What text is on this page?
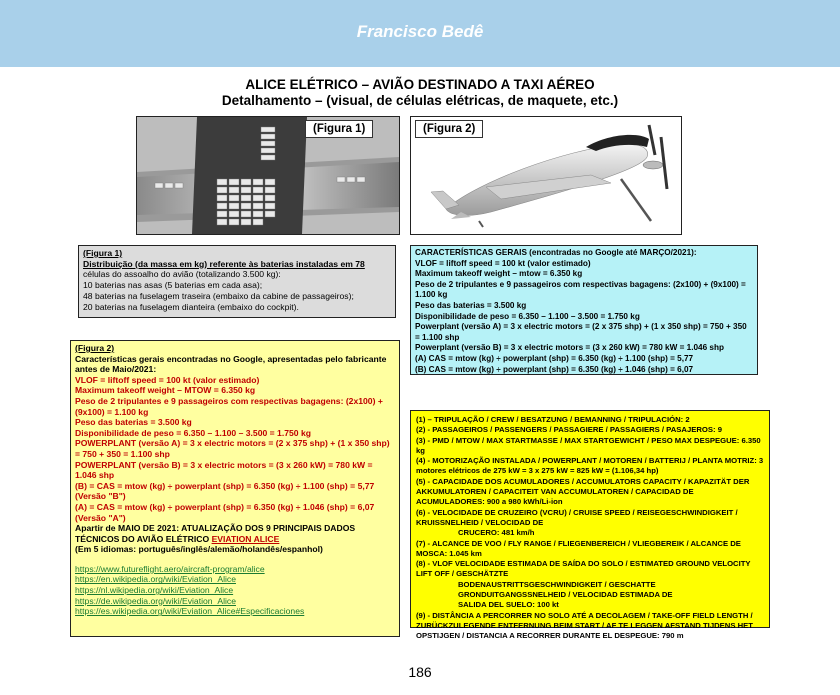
Francisco Bedê
ALICE ELÉTRICO – AVIÃO DESTINADO A TAXI AÉREO
Detalhamento – (visual, de células elétricas, de maquete, etc.)
(Figura 1)	(Figura 2)
(Figura 1)
Distribuição (da massa em kg) referente às baterias instaladas em 78
células do assoalho do avião (totalizando 3.500 kg):
10 baterias nas asas (5 baterias em cada asa);
48 baterias na fuselagem traseira (embaixo da cabine de passageiros);
20 baterias na fuselagem dianteira (embaixo do cockpit).
CARACTERÍSTICAS GERAIS (encontradas no Google até MARÇO/2021):
VLOF = liftoff speed = 100 kt (valor estimado)
Maximum takeoff weight – mtow = 6.350 kg
Peso de 2 tripulantes e 9 passageiros com respectivas bagagens: (2x100) + (9x100) = 1.100 kg
Peso das baterias = 3.500 kg
Disponibilidade de peso = 6.350 – 1.100 – 3.500 = 1.750 kg
Powerplant (versão A) = 3 x electric motors = (2 x 375 shp) + (1 x 350 shp) = 750 + 350 = 1.100 shp
Powerplant (versão B) = 3 x electric motors = (3 x 260 kW) = 780 kW = 1.046 shp
(A) CAS = mtow (kg) ÷ powerplant (shp) = 6.350 (kg) ÷ 1.100 (shp) = 5,77
(B) CAS = mtow (kg) ÷ powerplant (shp) = 6.350 (kg) ÷ 1.046 (shp) = 6,07
(Figura 2)
Características gerais encontradas no Google, apresentadas pelo fabricante antes de Maio/2021:
VLOF = liftoff speed = 100 kt (valor estimado)
Maximum takeoff weight – MTOW = 6.350 kg
Peso de 2 tripulantes e 9 passageiros com respectivas bagagens: (2x100) + (9x100) = 1.100 kg
Peso das baterias = 3.500 kg
Disponibilidade de peso = 6.350 – 1.100 – 3.500 = 1.750 kg
POWERPLANT (versão A) = 3 x electric motors = (2 x 375 shp) + (1 x 350 shp) = 750 + 350 = 1.100 shp
POWERPLANT (versão B) = 3 x electric motors = (3 x 260 kW) = 780 kW = 1.046 shp
(B) = CAS = mtow (kg) ÷ powerplant (shp) = 6.350 (kg) ÷ 1.100 (shp) = 5,77 (Versão "B")
(A) = CAS = mtow (kg) ÷ powerplant (shp) = 6.350 (kg) ÷ 1.046 (shp) = 6,07 (Versão "A")
Apartir de MAIO DE 2021: ATUALIZAÇÃO DOS 9 PRINCIPAIS DADOS TÉCNICOS DO AVIÃO ELÉTRICO EVIATION ALICE
(Em 5 idiomas: português/inglês/alemão/holandês/espanhol)
https://www.futureflight.aero/aircraft-program/alice
https://en.wikipedia.org/wiki/Eviation_Alice
https://nl.wikipedia.org/wiki/Eviation_Alice
https://de.wikipedia.org/wiki/Eviation_Alice
https://es.wikipedia.org/wiki/Eviation_Alice#Especificaciones
(1) – TRIPULAÇÃO / CREW / BESATZUNG / BEMANNING / TRIPULACIÓN: 2
(2) - PASSAGEIROS / PASSENGERS / PASSAGIERE / PASSAGIERS / PASAJEROS: 9
(3) - PMD / MTOW / MAX STARTMASSE / MAX STARTGEWICHT / PESO MAX DESPEGUE: 6.350 kg
(4) - MOTORIZAÇÃO INSTALADA / POWERPLANT / MOTOREN / BATTERIJ / PLANTA MOTRIZ: 3 motores elétricos de 275 kW = 3 x 275 kW = 825 kW = (1.106,34 hp)
(5) - CAPACIDADE DOS ACUMULADORES / ACCUMULATORS CAPACITY / KAPAZITÄT DER AKKUMULATOREN / CAPACITEIT VAN ACCUMULATOREN / CAPACIDAD DE ACUMULADORES: 900 a 980 kWh/Li-ion
(6) - VELOCIDADE DE CRUZEIRO (VCRU) / CRUISE SPEED / REISEGESCHWINDIGKEIT / KRUISSNELHEID / VELOCIDAD DE
CRUCERO: 481 km/h
(7) - ALCANCE DE VOO / FLY RANGE / FLIEGENBEREICH / VLIEGBEREIK / ALCANCE DE MOSCA: 1.045 km
(8) - VLOF VELOCIDADE ESTIMADA DE SAÍDA DO SOLO / ESTIMATED GROUND VELOCITY LIFT OFF / GESCHÄTZTE
BODENAUSTRITTSGESCHWINDIGKEIT / GESCHATTE GRONDUITGANGSSNELHEID / VELOCIDAD ESTIMADA DE
SALIDA DEL SUELO: 100 kt
(9) - DISTÂNCIA A PERCORRER NO SOLO ATÉ A DECOLAGEM / TAKE-OFF FIELD LENGTH / ZURÜCKZULEGENDE ENTFERNUNG BEIM START / AF TE LEGGEN AFSTAND TIJDENS HET OPSTIJGEN / DISTANCIA A RECORRER DURANTE EL DESPEGUE: 790 m
186
